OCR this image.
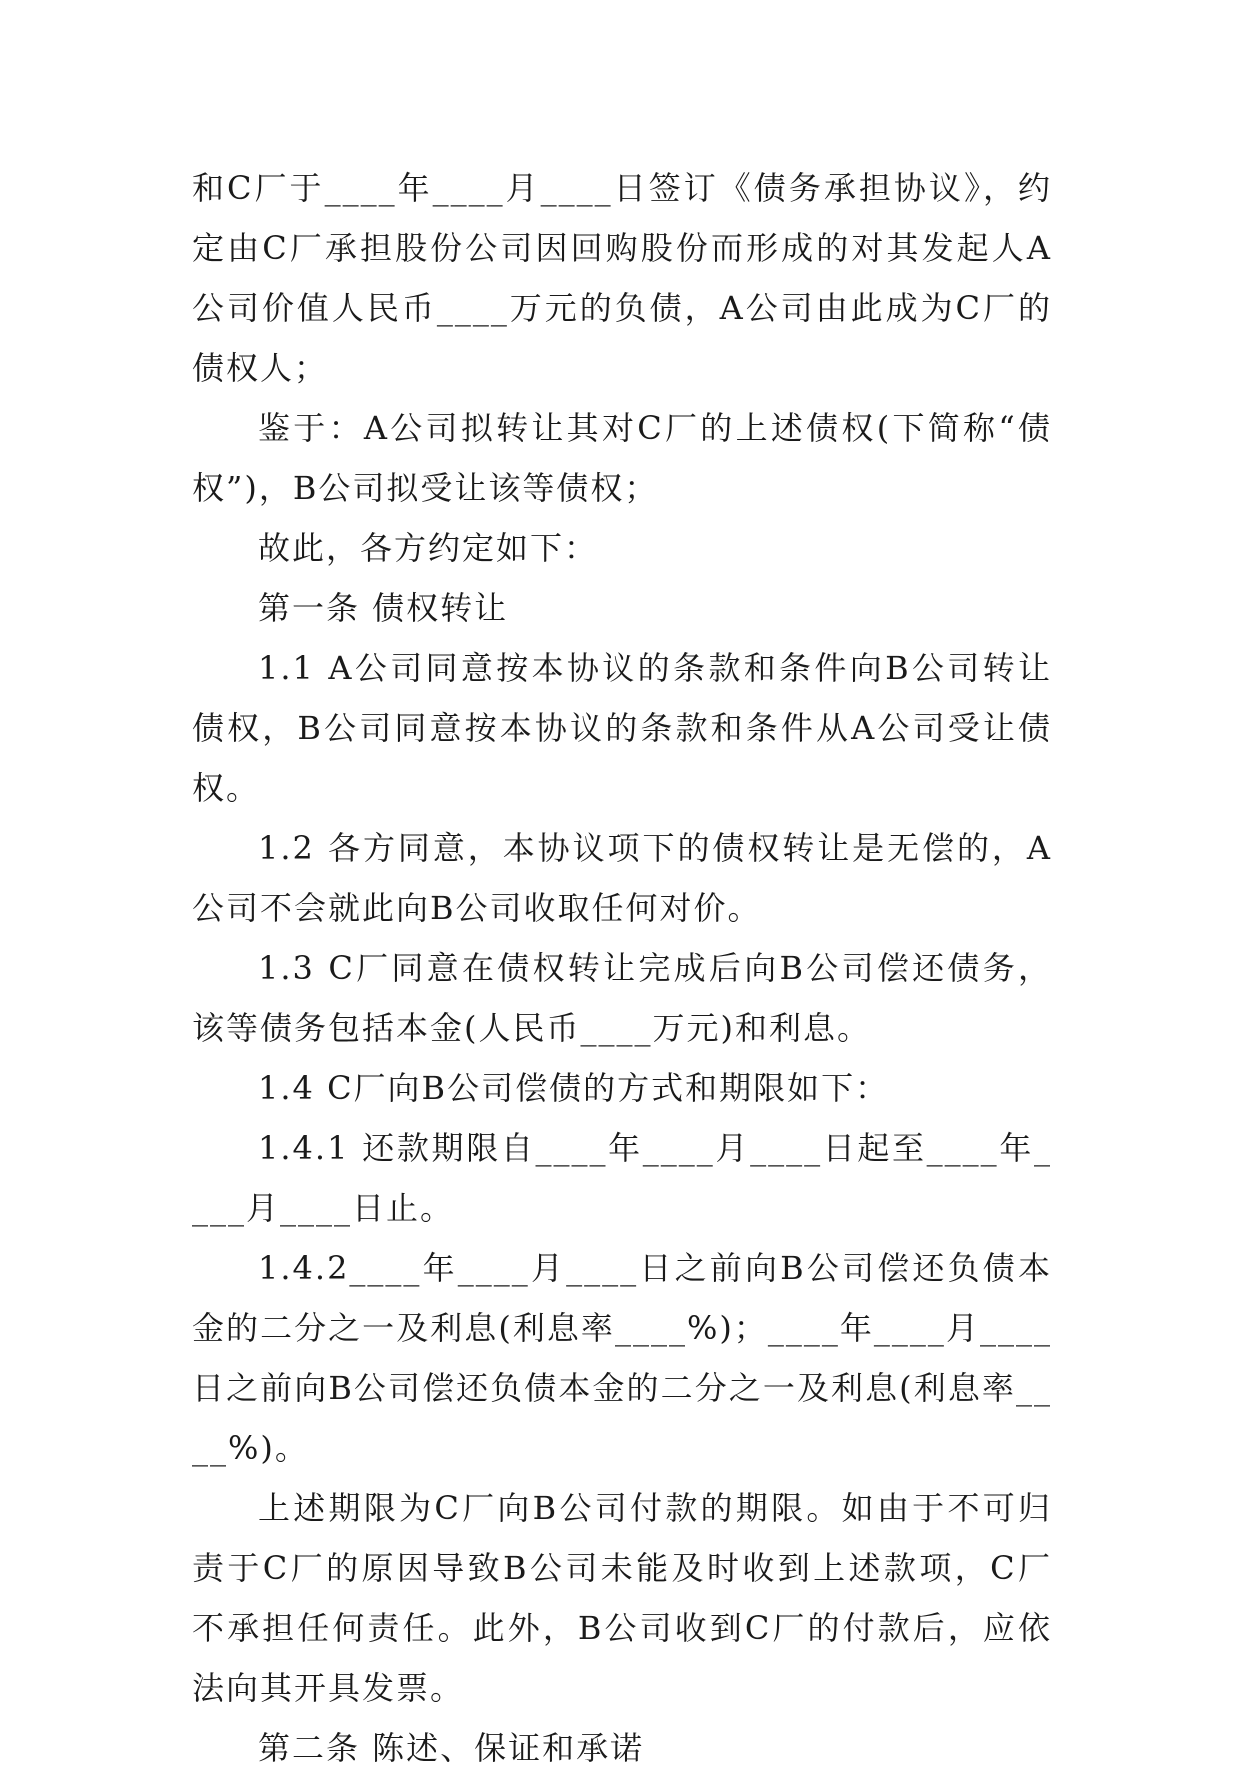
和C厂于____年____月____日签订《债务承担协议》，约定由C厂承担股份公司因回购股份而形成的对其发起人A公司价值人民币____万元的负债，A公司由此成为C厂的债权人；

鉴于：A公司拟转让其对C厂的上述债权(下简称“债权”)，B公司拟受让该等债权；

故此，各方约定如下：

第一条 债权转让

1.1 A公司同意按本协议的条款和条件向B公司转让债权，B公司同意按本协议的条款和条件从A公司受让债权。

1.2 各方同意，本协议项下的债权转让是无偿的，A公司不会就此向B公司收取任何对价。

1.3 C厂同意在债权转让完成后向B公司偿还债务，该等债务包括本金(人民币____万元)和利息。

1.4 C厂向B公司偿债的方式和期限如下：

1.4.1 还款期限自____年____月____日起至____年____月____日止。

1.4.2____年____月____日之前向B公司偿还负债本金的二分之一及利息(利息率____%)；____年____月____日之前向B公司偿还负债本金的二分之一及利息(利息率____%)。

上述期限为C厂向B公司付款的期限。如由于不可归责于C厂的原因导致B公司未能及时收到上述款项，C厂不承担任何责任。此外，B公司收到C厂的付款后，应依法向其开具发票。

第二条 陈述、保证和承诺
